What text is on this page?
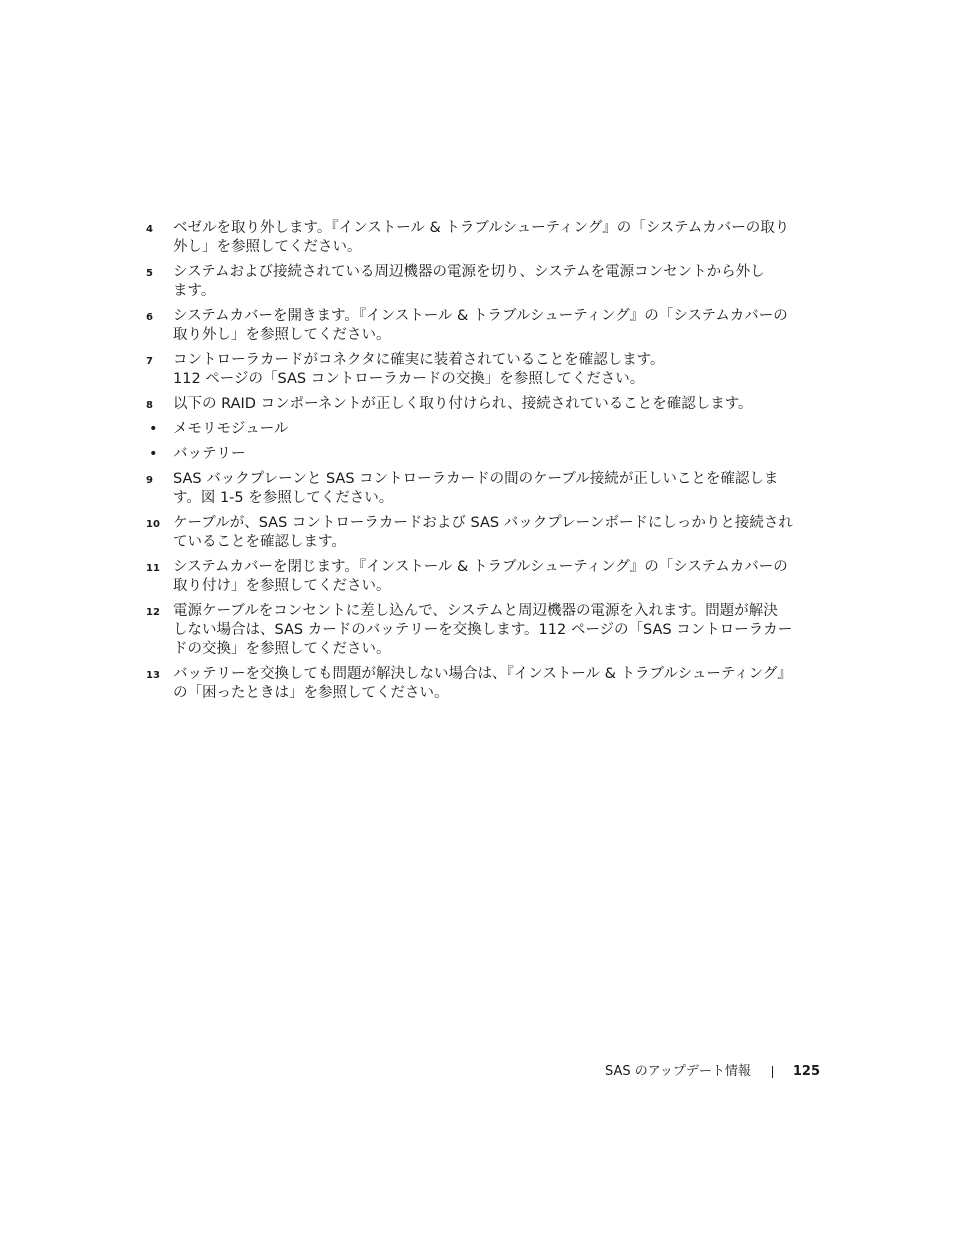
4	ベゼルを取り外します。『インストール & トラブルシューティング』の「システムカバーの取り
外し」を参照してください。
5	システムおよび接続されている周辺機器の電源を切り、システムを電源コンセントから外し
ます。
6	システムカバーを開きます。『インストール & トラブルシューティング』の「システムカバーの
取り外し」を参照してください。
7	コントローラカードがコネクタに確実に装着されていることを確認します。
112 ページの「SAS コントローラカードの交換」を参照してください。
8	以下の RAID コンポーネントが正しく取り付けられ、接続されていることを確認します。
• メモリモジュール
• バッテリー
9	SAS バックプレーンと SAS コントローラカードの間のケーブル接続が正しいことを確認しま
す。図 1-5 を参照してください。
10 ケーブルが、SAS コントローラカードおよび SAS バックプレーンボードにしっかりと接続され
ていることを確認します。
11 システムカバーを閉じます。『インストール & トラブルシューティング』の「システムカバーの
取り付け」を参照してください。
12 電源ケーブルをコンセントに差し込んで、システムと周辺機器の電源を入れます。問題が解決
しない場合は、SAS カードのバッテリーを交換します。112 ページの「SAS コントローラカー
ドの交換」を参照してください。
13 バッテリーを交換しても問題が解決しない場合は、『インストール & トラブルシューティング』
の「困ったときは」を参照してください。
SAS のアップデート情報	125
